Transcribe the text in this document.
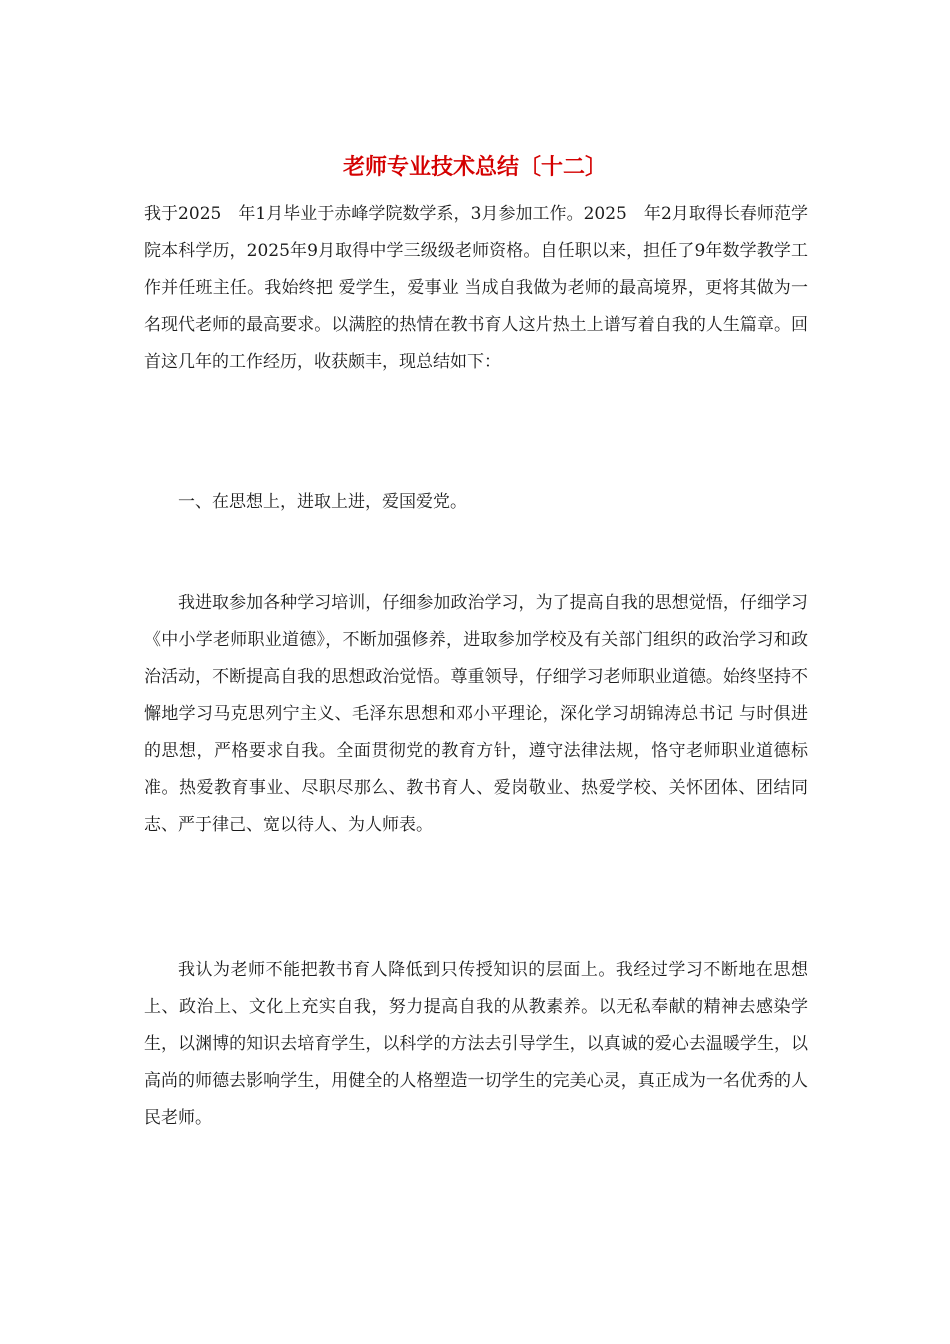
老师专业技术总结〔十二〕

我于2025　年1月毕业于赤峰学院数学系，3月参加工作。2025　年2月取得长春师范学院本科学历，2025年9月取得中学三级级老师资格。自任职以来，担任了9年数学教学工作并任班主任。我始终把 爱学生，爱事业 当成自我做为老师的最高境界，更将其做为一名现代老师的最高要求。以满腔的热情在教书育人这片热土上谱写着自我的人生篇章。回首这几年的工作经历，收获颇丰，现总结如下：

一、在思想上，进取上进，爱国爱党。

我进取参加各种学习培训，仔细参加政治学习，为了提高自我的思想觉悟，仔细学习《中小学老师职业道德》，不断加强修养，进取参加学校及有关部门组织的政治学习和政治活动，不断提高自我的思想政治觉悟。尊重领导，仔细学习老师职业道德。始终坚持不懈地学习马克思列宁主义、毛泽东思想和邓小平理论，深化学习胡锦涛总书记 与时俱进 的思想，严格要求自我。全面贯彻党的教育方针，遵守法律法规，恪守老师职业道德标准。热爱教育事业、尽职尽那么、教书育人、爱岗敬业、热爱学校、关怀团体、团结同志、严于律己、宽以待人、为人师表。

我认为老师不能把教书育人降低到只传授知识的层面上。我经过学习不断地在思想上、政治上、文化上充实自我，努力提高自我的从教素养。以无私奉献的精神去感染学生，以渊博的知识去培育学生，以科学的方法去引导学生，以真诚的爱心去温暖学生，以高尚的师德去影响学生，用健全的人格塑造一切学生的完美心灵，真正成为一名优秀的人民老师。
